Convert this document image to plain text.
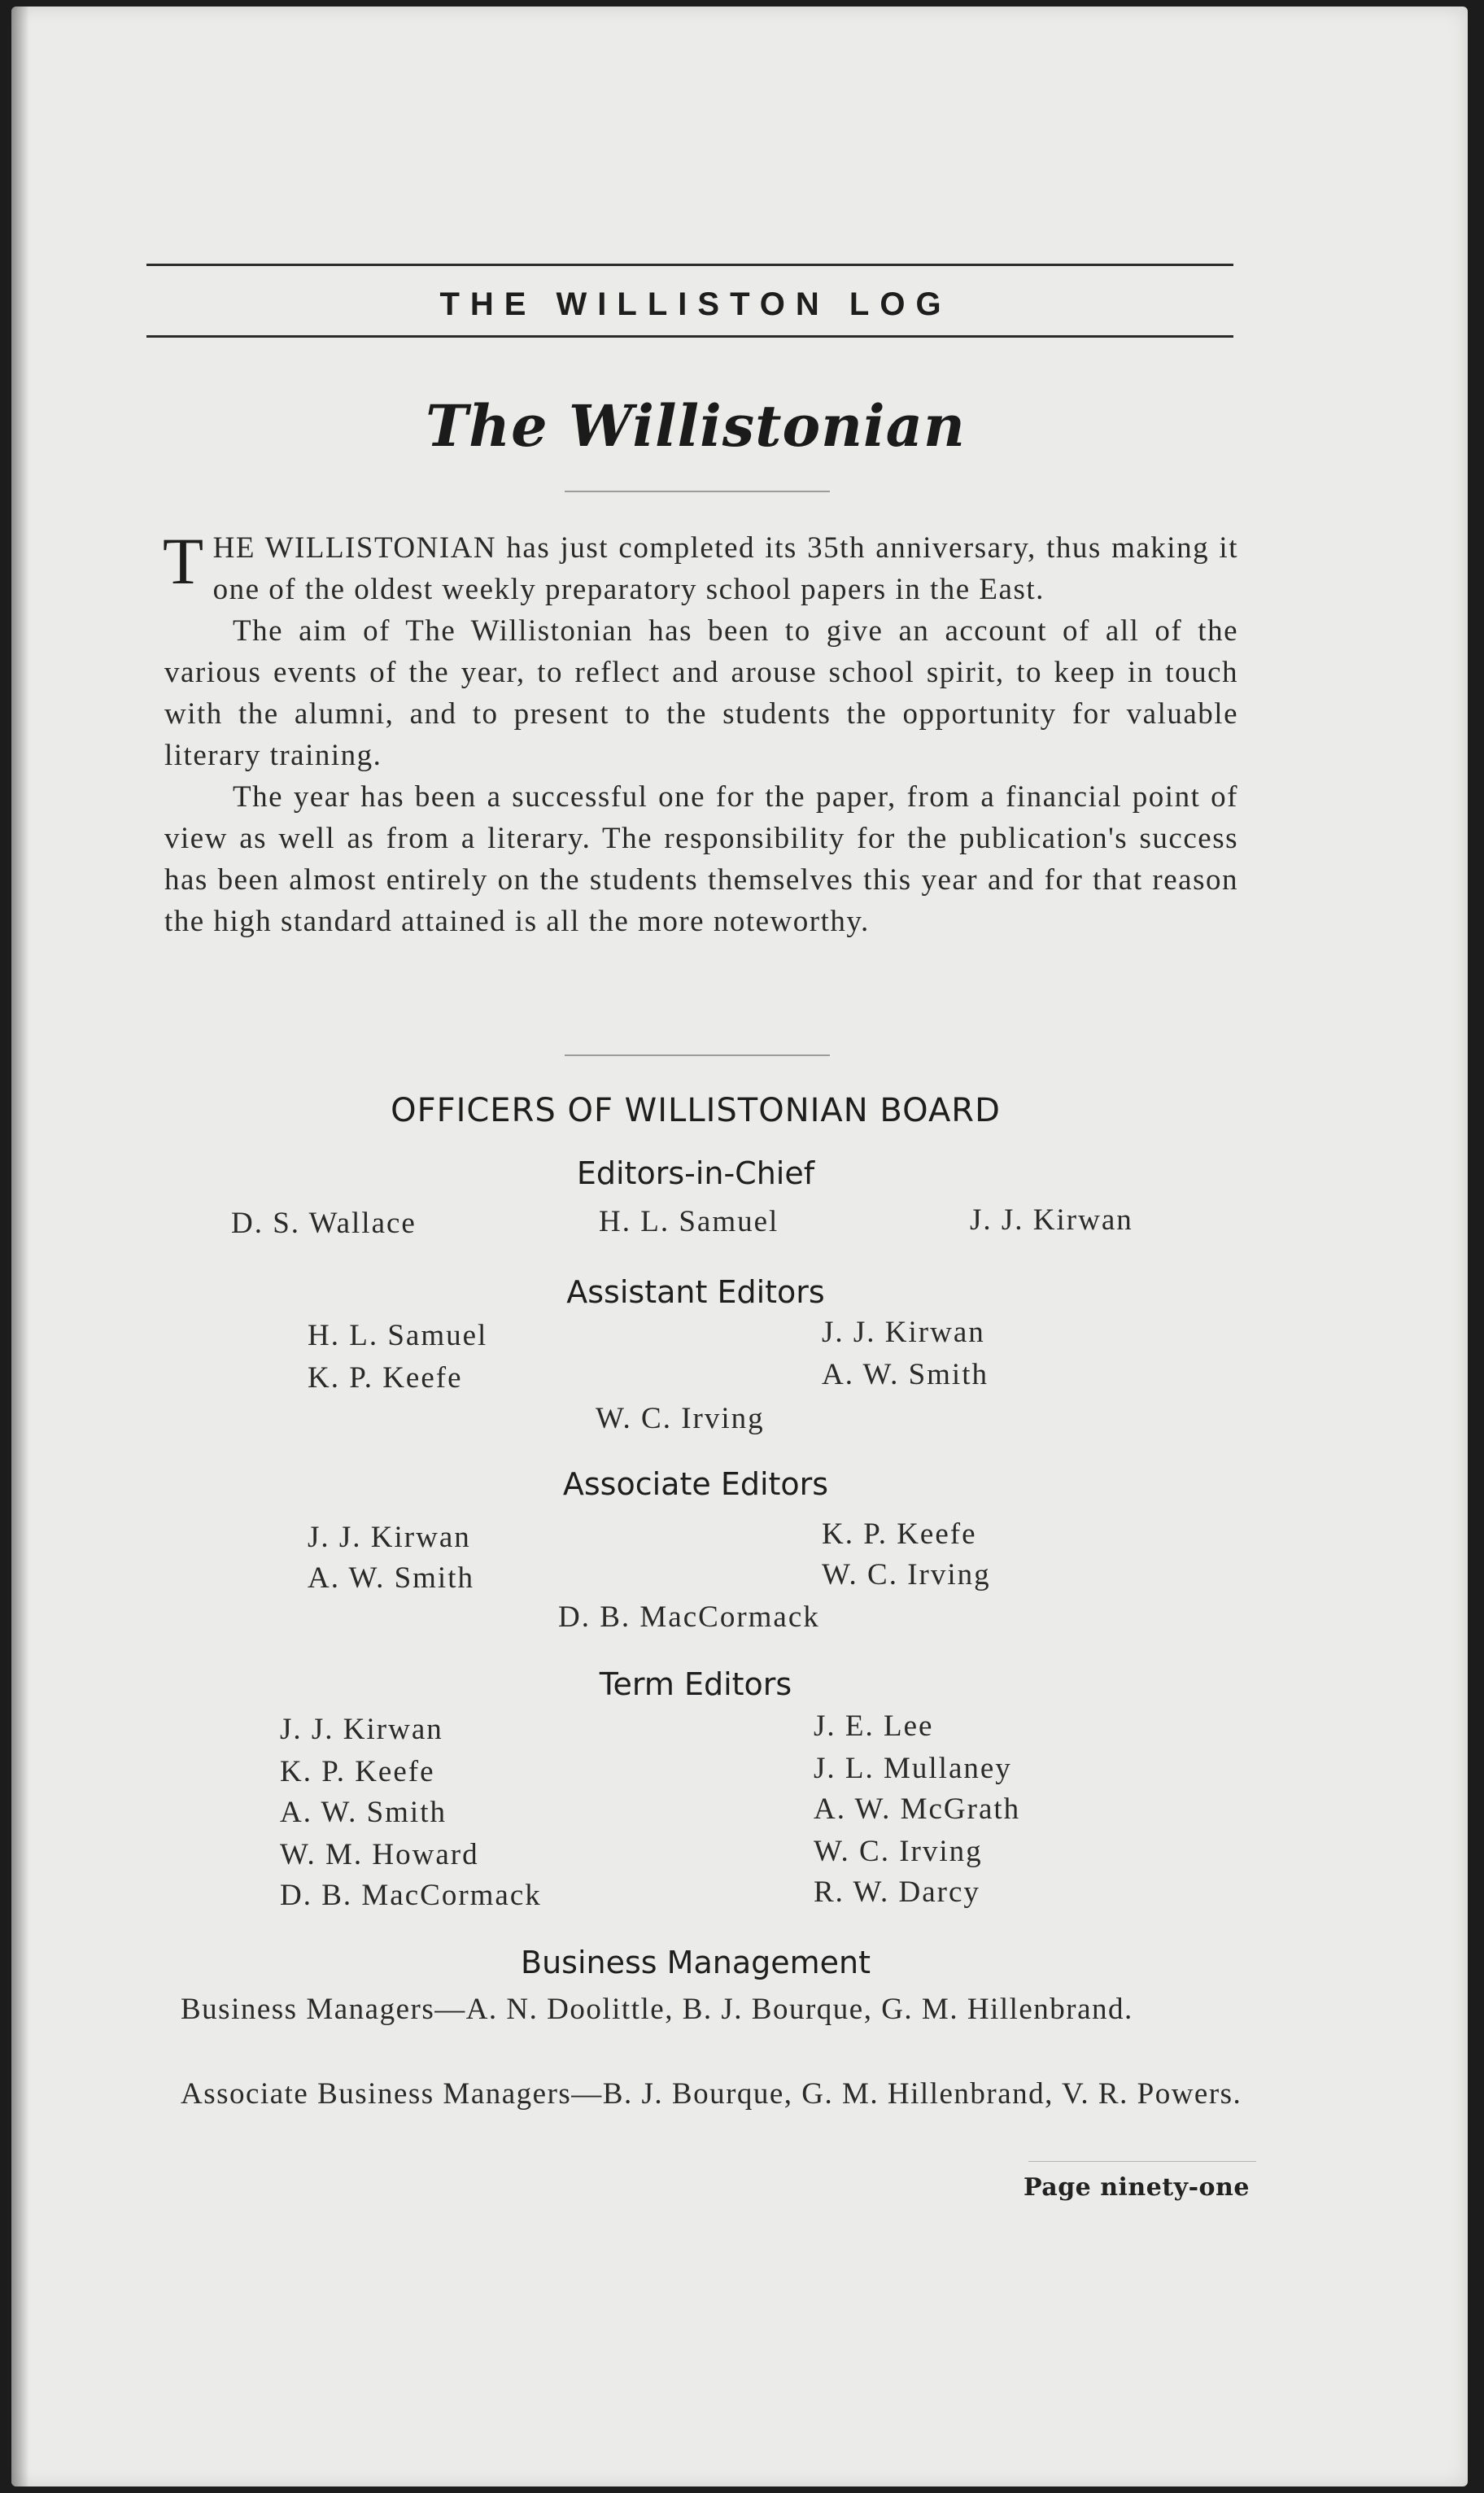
THE WILLISTON LOG
The Willistonian

THE WILLISTONIAN has just completed its 35th anniversary, thus making it one of the oldest weekly preparatory school papers in the East.

The aim of The Willistonian has been to give an account of all of the various events of the year, to reflect and arouse school spirit, to keep in touch with the alumni, and to present to the students the opportunity for valuable literary training.

The year has been a successful one for the paper, from a financial point of view as well as from a literary. The responsibility for the publication's success has been almost entirely on the students themselves this year and for that reason the high standard attained is all the more noteworthy.

OFFICERS OF WILLISTONIAN BOARD
Editors-in-Chief
D. S. Wallace	H. L. Samuel	J. J. Kirwan
Assistant Editors
H. L. Samuel
K. P. Keefe
J. J. Kirwan
A. W. Smith
W. C. Irving
Associate Editors
J. J. Kirwan
A. W. Smith
K. P. Keefe
W. C. Irving
D. B. MacCormack
Term Editors
J. J. Kirwan
K. P. Keefe
A. W. Smith
W. M. Howard
D. B. MacCormack
J. E. Lee
J. L. Mullaney
A. W. McGrath
W. C. Irving
R. W. Darcy
Business Management

Business Managers—A. N. Doolittle, B. J. Bourque, G. M. Hillenbrand.

Associate Business Managers—B. J. Bourque, G. M. Hillenbrand, V. R. Powers.

Page ninety-one
